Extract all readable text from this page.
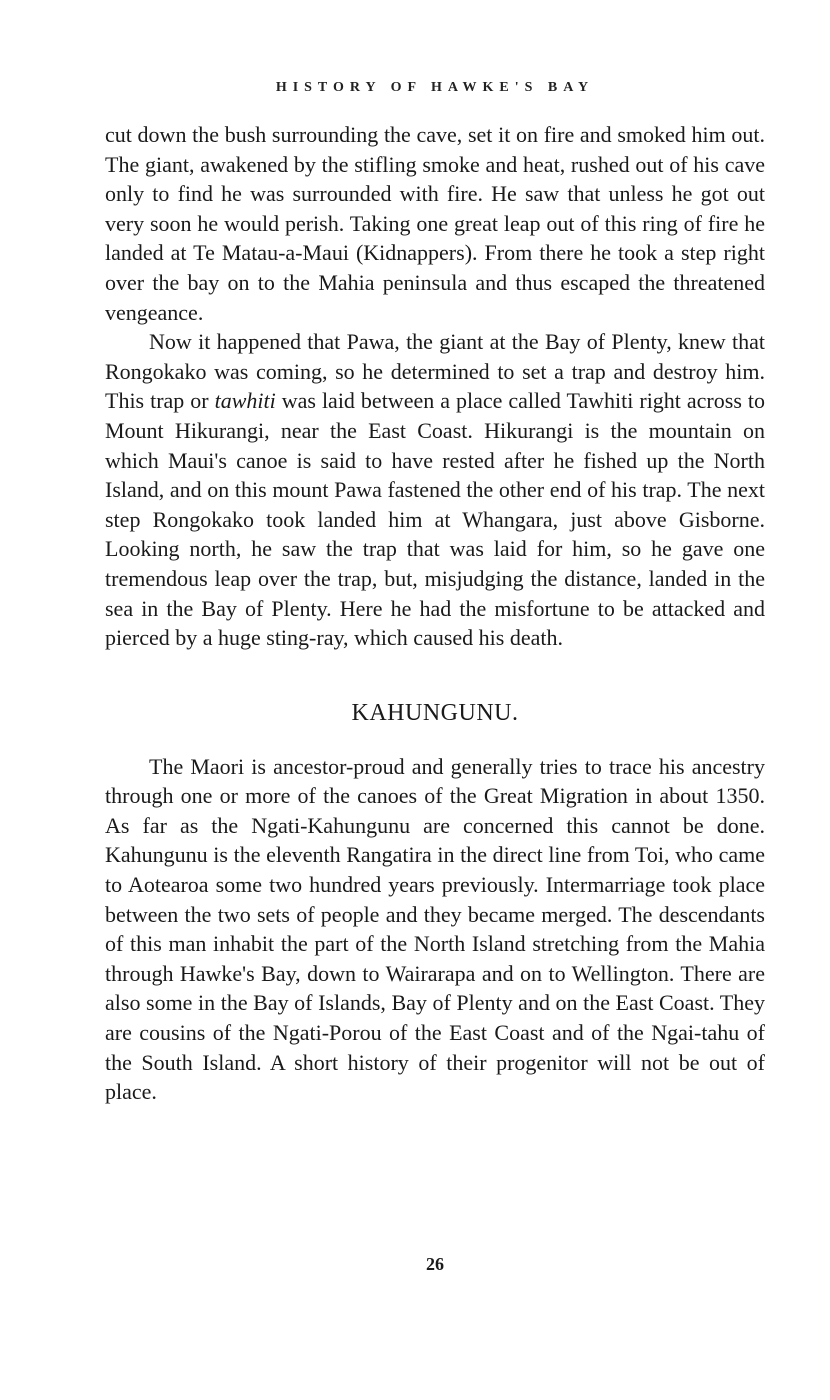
HISTORY OF HAWKE'S BAY

cut down the bush surrounding the cave, set it on fire and smoked him out. The giant, awakened by the stifling smoke and heat, rushed out of his cave only to find he was surrounded with fire. He saw that unless he got out very soon he would perish. Taking one great leap out of this ring of fire he landed at Te Matau-a-Maui (Kidnappers). From there he took a step right over the bay on to the Mahia peninsula and thus escaped the threatened vengeance.

Now it happened that Pawa, the giant at the Bay of Plenty, knew that Rongokako was coming, so he determined to set a trap and destroy him. This trap or tawhiti was laid between a place called Tawhiti right across to Mount Hikurangi, near the East Coast. Hikurangi is the mountain on which Maui's canoe is said to have rested after he fished up the North Island, and on this mount Pawa fastened the other end of his trap. The next step Rongokako took landed him at Whangara, just above Gisborne. Looking north, he saw the trap that was laid for him, so he gave one tremendous leap over the trap, but, misjudging the distance, landed in the sea in the Bay of Plenty. Here he had the misfortune to be attacked and pierced by a huge sting-ray, which caused his death.

KAHUNGUNU.

The Maori is ancestor-proud and generally tries to trace his ancestry through one or more of the canoes of the Great Migration in about 1350. As far as the Ngati-Kahungunu are concerned this cannot be done. Kahungunu is the eleventh Rangatira in the direct line from Toi, who came to Aotearoa some two hundred years previously. Intermarriage took place between the two sets of people and they became merged. The descendants of this man inhabit the part of the North Island stretching from the Mahia through Hawke's Bay, down to Wairarapa and on to Wellington. There are also some in the Bay of Islands, Bay of Plenty and on the East Coast. They are cousins of the Ngati-Porou of the East Coast and of the Ngai-tahu of the South Island. A short history of their progenitor will not be out of place.

26
